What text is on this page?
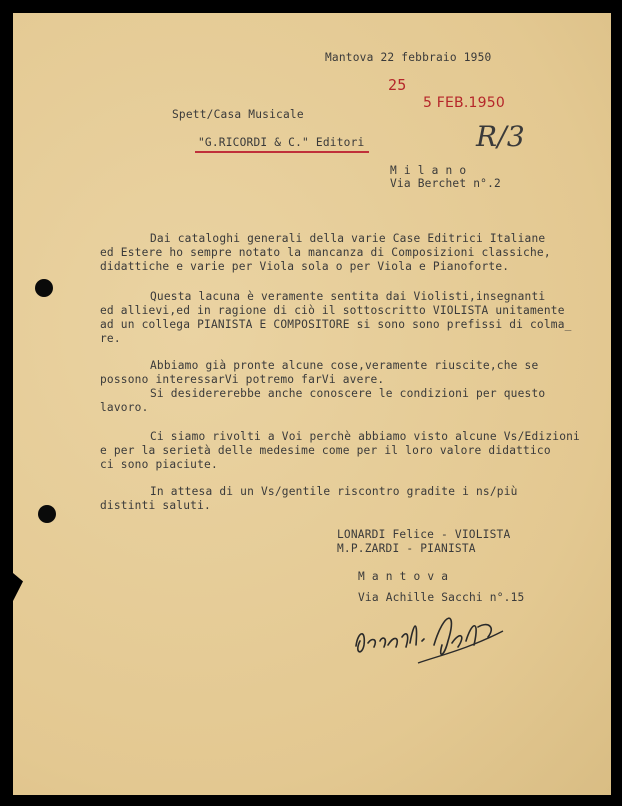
Mantova 22 febbraio 1950
25
5 FEB.1950
R/3
Spett/Casa Musicale
"G.RICORDI & C." Editori
M i l a n o
Via Berchet n°.2
Dai cataloghi generali della varie Case Editrici Italiane
ed Estere ho sempre notato la mancanza di Composizioni classiche,
didattiche e varie per Viola sola o per Viola e Pianoforte.
Questa lacuna è veramente sentita dai Violisti,insegnanti
ed allievi,ed in ragione di ciò il sottoscritto VIOLISTA unitamente
ad un collega PIANISTA E COMPOSITORE si sono sono prefissi di colma_
re.
Abbiamo già pronte alcune cose,veramente riuscite,che se
possono interessarVi potremo farVi avere.
Si desidererebbe anche conoscere le condizioni per questo
lavoro.
Ci siamo rivolti a Voi perchè abbiamo visto alcune Vs/Edizioni
e per la serietà delle medesime come per il loro valore didattico
ci sono piaciute.
In attesa di un Vs/gentile riscontro gradite i ns/più
distinti saluti.
LONARDI Felice - VIOLISTA
M.P.ZARDI - PIANISTA
M a n t o v a
Via Achille Sacchi n°.15
